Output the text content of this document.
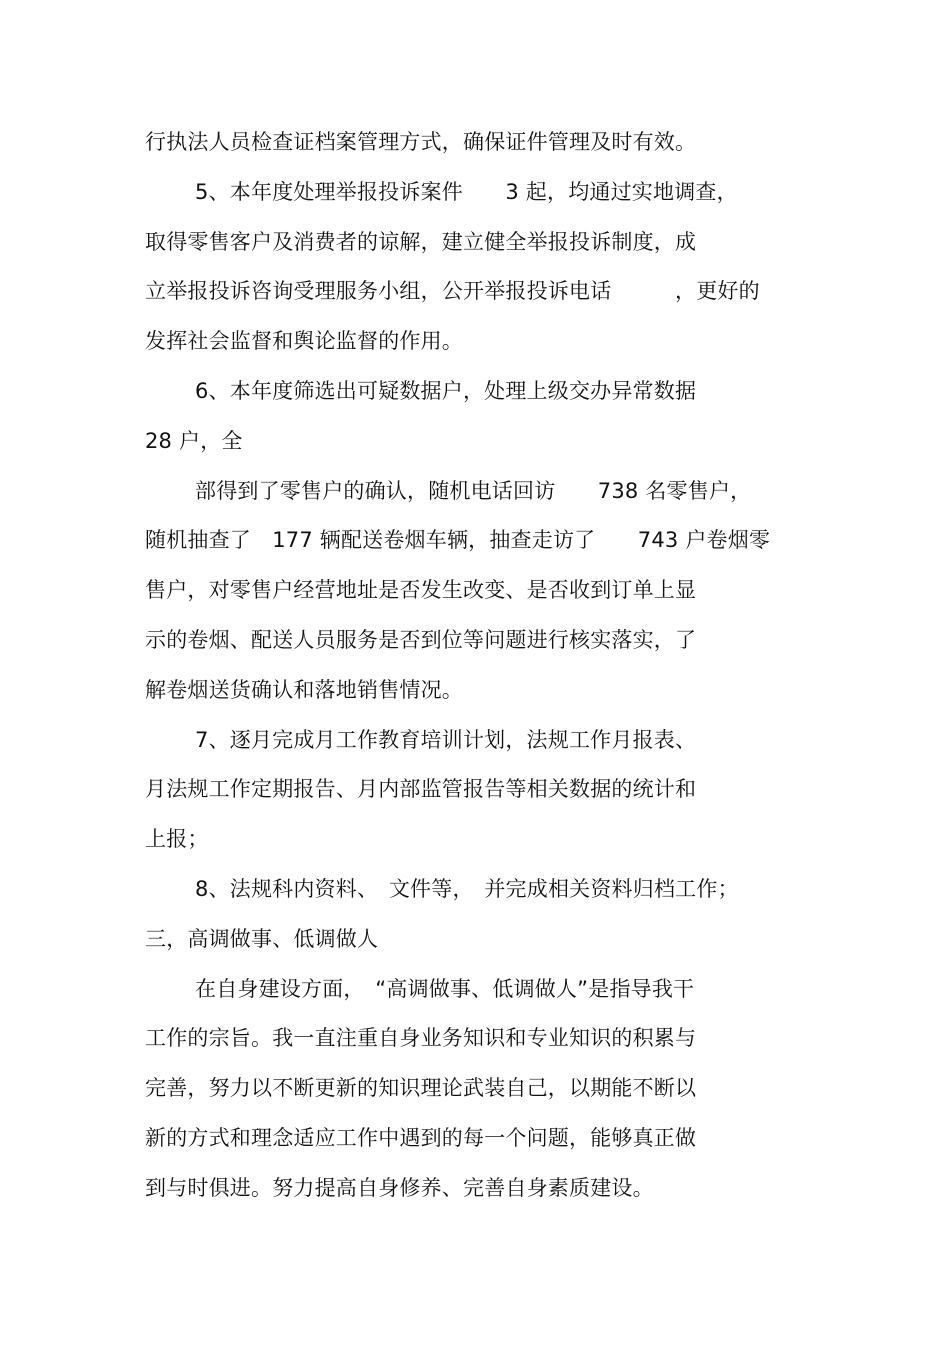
行执法人员检查证档案管理方式，确保证件管理及时有效。
5、本年度处理举报投诉案件　　3 起，均通过实地调查，
取得零售客户及消费者的谅解，建立健全举报投诉制度，成
立举报投诉咨询受理服务小组，公开举报投诉电话　　　，更好的
发挥社会监督和舆论监督的作用。
6、本年度筛选出可疑数据户，处理上级交办异常数据
28 户，全
部得到了零售户的确认，随机电话回访　　738 名零售户，
随机抽查了　177 辆配送卷烟车辆，抽查走访了　　743 户卷烟零
售户，对零售户经营地址是否发生改变、是否收到订单上显
示的卷烟、配送人员服务是否到位等问题进行核实落实，了
解卷烟送货确认和落地销售情况。
7、逐月完成月工作教育培训计划，法规工作月报表、
月法规工作定期报告、月内部监管报告等相关数据的统计和
上报；
8、法规科内资料、　文件等，　并完成相关资料归档工作；
三，高调做事、低调做人
在自身建设方面，　“高调做事、低调做人”是指导我干
工作的宗旨。我一直注重自身业务知识和专业知识的积累与
完善，努力以不断更新的知识理论武装自己，以期能不断以
新的方式和理念适应工作中遇到的每一个问题，能够真正做
到与时俱进。努力提高自身修养、完善自身素质建设。
